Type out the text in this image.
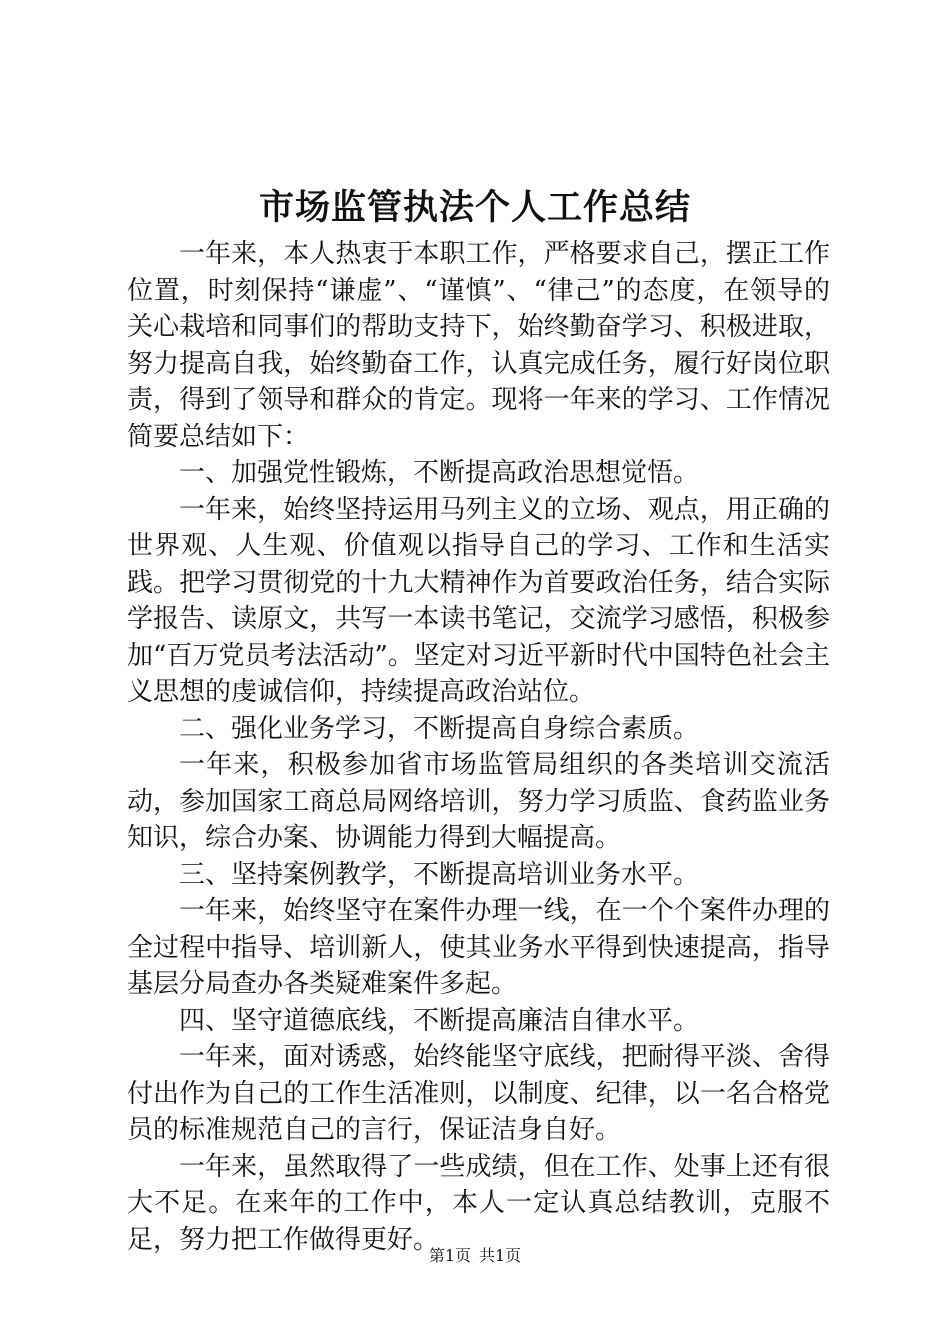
市场监管执法个人工作总结

一年来，本人热衷于本职工作，严格要求自己，摆正工作位置，时刻保持“谦虚”、“谨慎”、“律己”的态度，在领导的关心栽培和同事们的帮助支持下，始终勤奋学习、积极进取，努力提高自我，始终勤奋工作，认真完成任务，履行好岗位职责，得到了领导和群众的肯定。现将一年来的学习、工作情况简要总结如下：

一、加强党性锻炼，不断提高政治思想觉悟。

一年来，始终坚持运用马列主义的立场、观点，用正确的世界观、人生观、价值观以指导自己的学习、工作和生活实践。把学习贯彻党的十九大精神作为首要政治任务，结合实际学报告、读原文，共写一本读书笔记，交流学习感悟，积极参加“百万党员考法活动”。坚定对习近平新时代中国特色社会主义思想的虔诚信仰，持续提高政治站位。

二、强化业务学习，不断提高自身综合素质。

一年来，积极参加省市场监管局组织的各类培训交流活动，参加国家工商总局网络培训，努力学习质监、食药监业务知识，综合办案、协调能力得到大幅提高。

三、坚持案例教学，不断提高培训业务水平。

一年来，始终坚守在案件办理一线，在一个个案件办理的全过程中指导、培训新人，使其业务水平得到快速提高，指导基层分局查办各类疑难案件多起。

四、坚守道德底线，不断提高廉洁自律水平。

一年来，面对诱惑，始终能坚守底线，把耐得平淡、舍得付出作为自己的工作生活准则，以制度、纪律，以一名合格党员的标准规范自己的言行，保证洁身自好。

一年来，虽然取得了一些成绩，但在工作、处事上还有很大不足。在来年的工作中，本人一定认真总结教训，克服不足，努力把工作做得更好。

第1页 共1页
